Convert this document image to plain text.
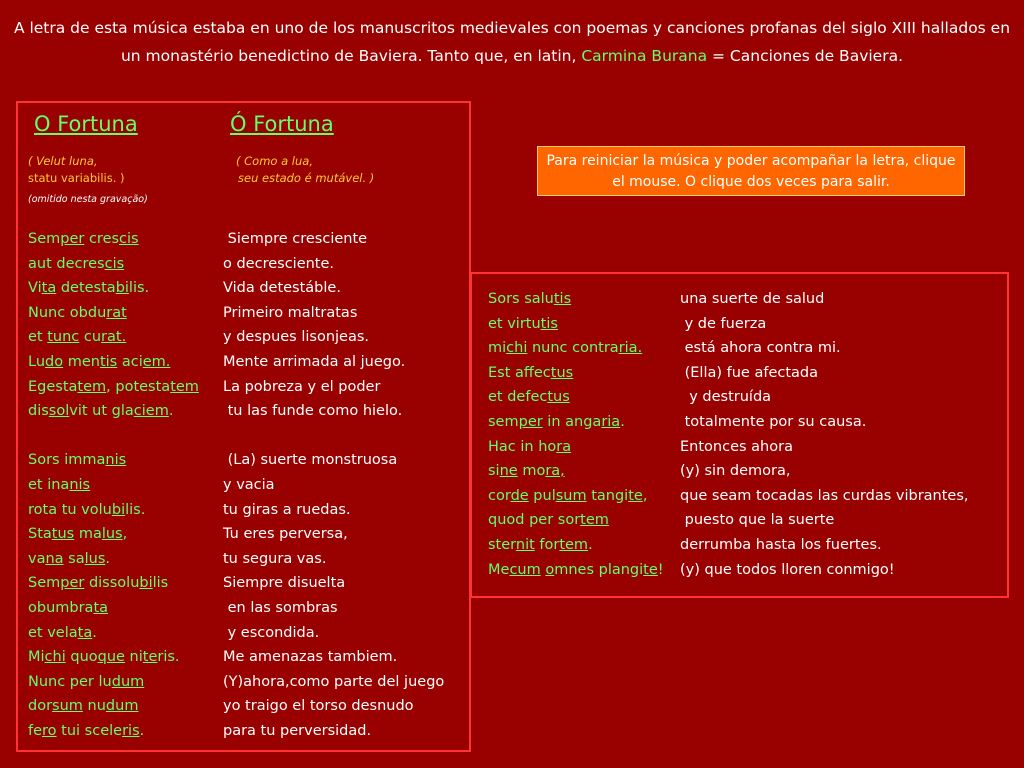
A letra de esta música estaba en uno de los manuscritos medievales con poemas y canciones profanas del siglo XIII hallados en un monastério benedictino de Baviera. Tanto que, en latin, Carmina Burana = Canciones de Baviera.

O Fortuna	Ó Fortuna
( Velut luna,
statu variabilis. )
( Como a lua,
seu estado é mutável. )
(omitido nesta gravação)
Para reiniciar la música y poder acompañar la letra, clique el mouse. O clique dos veces para salir.
Semper crescis
aut decrescis
Vita detestabilis.
Nunc obdurat
et tunc curat.
Ludo mentis aciem.
Egestatem, potestatem
dissolvit ut glaciem.
Sors immanis
et inanis
rota tu volubilis.
Status malus,
vana salus.
Semper dissolubilis
obumbrata
et velata.
Michi quoque niteris.
Nunc per ludum
dorsum nudum
fero tui sceleris.
Siempre cresciente
o decresciente.
Vida detestáble.
Primeiro maltratas
y despues lisonjeas.
Mente arrimada al juego.
La pobreza y el poder
tu las funde como hielo.
(La) suerte monstruosa
y vacia
tu giras a ruedas.
Tu eres perversa,
tu segura vas.
Siempre disuelta
en las sombras
y escondida.
Me amenazas tambiem.
(Y)ahora,como parte del juego
yo traigo el torso desnudo
para tu perversidad.
Sors salutis
et virtutis
michi nunc contraria.
Est affectus
et defectus
semper in angaria.
Hac in hora
sine mora,
corde pulsum tangite,
quod per sortem
sternit fortem.
Mecum omnes plangite!
una suerte de salud
y de fuerza
está ahora contra mi.
(Ella) fue afectada
y destruída
totalmente por su causa.
Entonces ahora
(y) sin demora,
que seam tocadas las curdas vibrantes,
puesto que la suerte
derrumba hasta los fuertes.
(y) que todos lloren conmigo!
